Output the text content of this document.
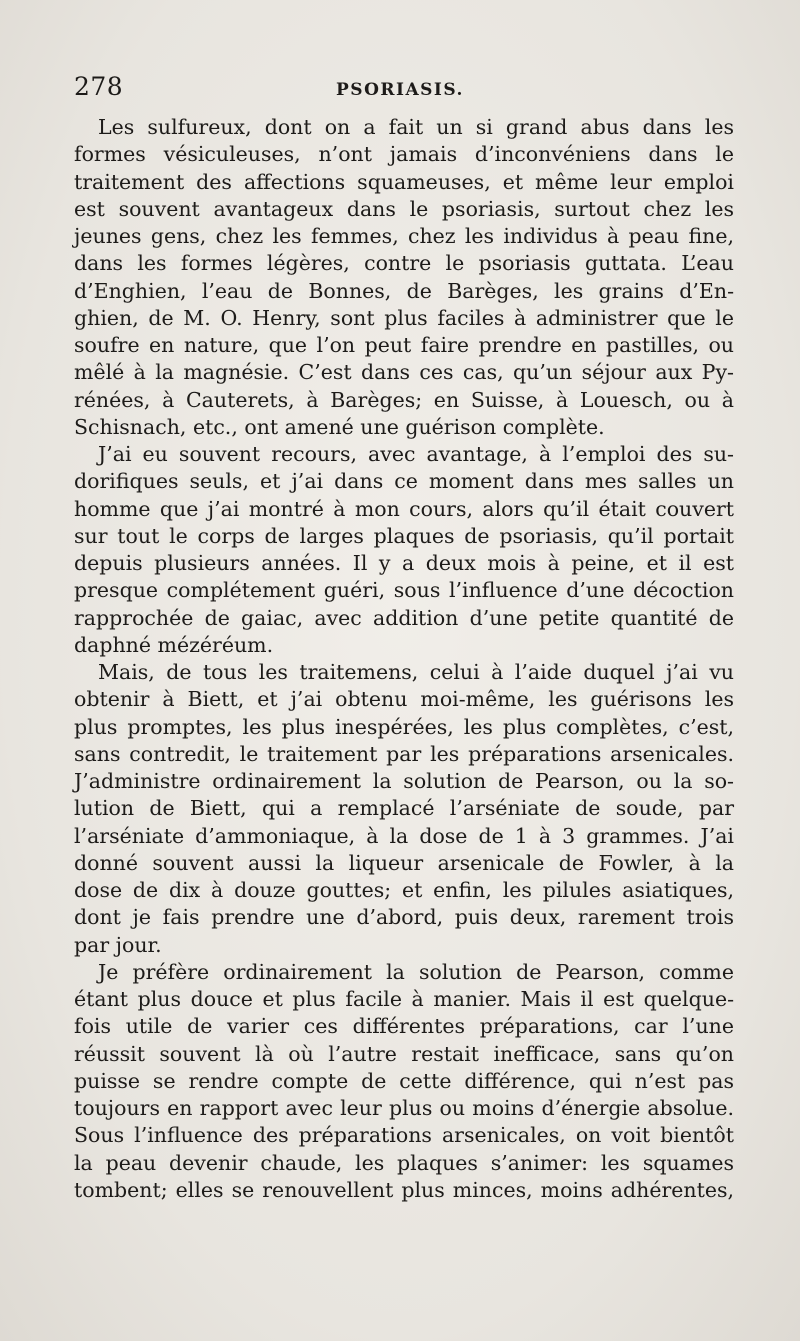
278	PSORIASIS.
Les sulfureux, dont on a fait un si grand abus dans les
formes vésiculeuses, n’ont jamais d’inconvéniens dans le
traitement des affections squameuses, et même leur emploi
est souvent avantageux dans le psoriasis, surtout chez les
jeunes gens, chez les femmes, chez les individus à peau fine,
dans les formes légères, contre le psoriasis guttata. L’eau
d’Enghien, l’eau de Bonnes, de Barèges, les grains d’En-
ghien, de M. O. Henry, sont plus faciles à administrer que le
soufre en nature, que l’on peut faire prendre en pastilles, ou
mêlé à la magnésie. C’est dans ces cas, qu’un séjour aux Py-
rénées, à Cauterets, à Barèges; en Suisse, à Louesch, ou à
Schisnach, etc., ont amené une guérison complète.
J’ai eu souvent recours, avec avantage, à l’emploi des su-
dorifiques seuls, et j’ai dans ce moment dans mes salles un
homme que j’ai montré à mon cours, alors qu’il était couvert
sur tout le corps de larges plaques de psoriasis, qu’il portait
depuis plusieurs années. Il y a deux mois à peine, et il est
presque complétement guéri, sous l’influence d’une décoction
rapprochée de gaiac, avec addition d’une petite quantité de
daphné mézéréum.
Mais, de tous les traitemens, celui à l’aide duquel j’ai vu
obtenir à Biett, et j’ai obtenu moi-même, les guérisons les
plus promptes, les plus inespérées, les plus complètes, c’est,
sans contredit, le traitement par les préparations arsenicales.
J’administre ordinairement la solution de Pearson, ou la so-
lution de Biett, qui a remplacé l’arséniate de soude, par
l’arséniate d’ammoniaque, à la dose de 1 à 3 grammes. J’ai
donné souvent aussi la liqueur arsenicale de Fowler, à la
dose de dix à douze gouttes; et enfin, les pilules asiatiques,
dont je fais prendre une d’abord, puis deux, rarement trois
par jour.
Je préfère ordinairement la solution de Pearson, comme
étant plus douce et plus facile à manier. Mais il est quelque-
fois utile de varier ces différentes préparations, car l’une
réussit souvent là où l’autre restait inefficace, sans qu’on
puisse se rendre compte de cette différence, qui n’est pas
toujours en rapport avec leur plus ou moins d’énergie absolue.
Sous l’influence des préparations arsenicales, on voit bientôt
la peau devenir chaude, les plaques s’animer: les squames
tombent; elles se renouvellent plus minces, moins adhérentes,
